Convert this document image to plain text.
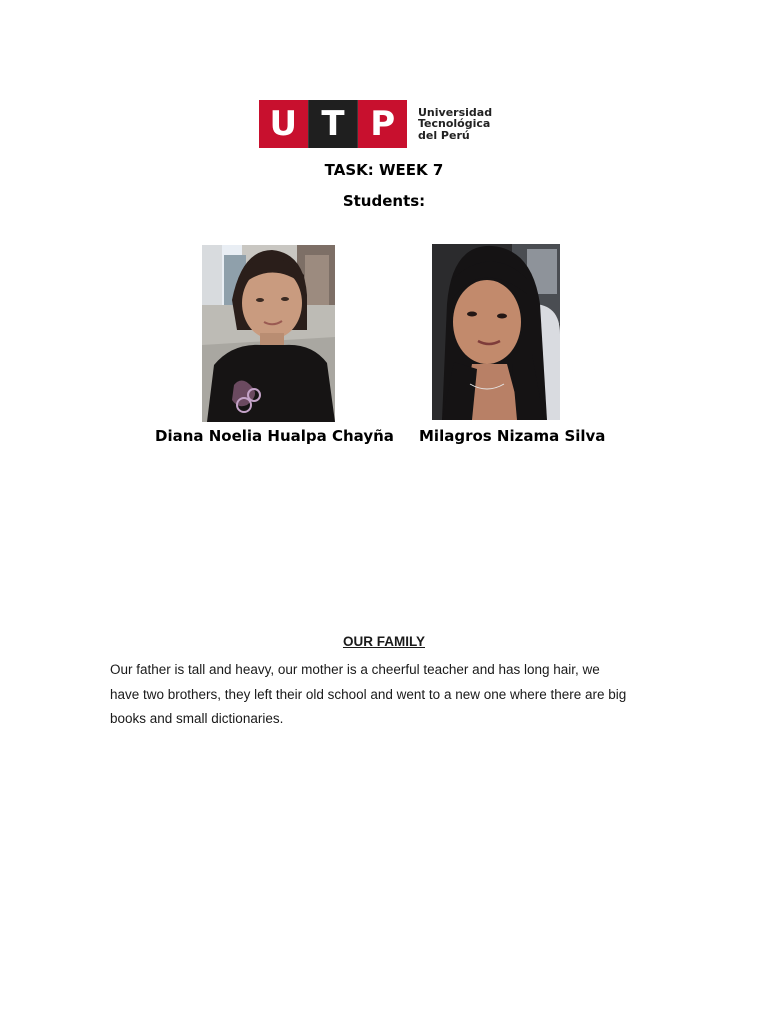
U T P	Universidad
Tecnológica
del Perú
TASK: WEEK 7
Students:
Diana Noelia Hualpa Chayña Milagros Nizama Silva
OUR FAMILY
Our father is tall and heavy, our mother is a cheerful teacher and has long hair, we
have two brothers, they left their old school and went to a new one where there are big
books and small dictionaries.
